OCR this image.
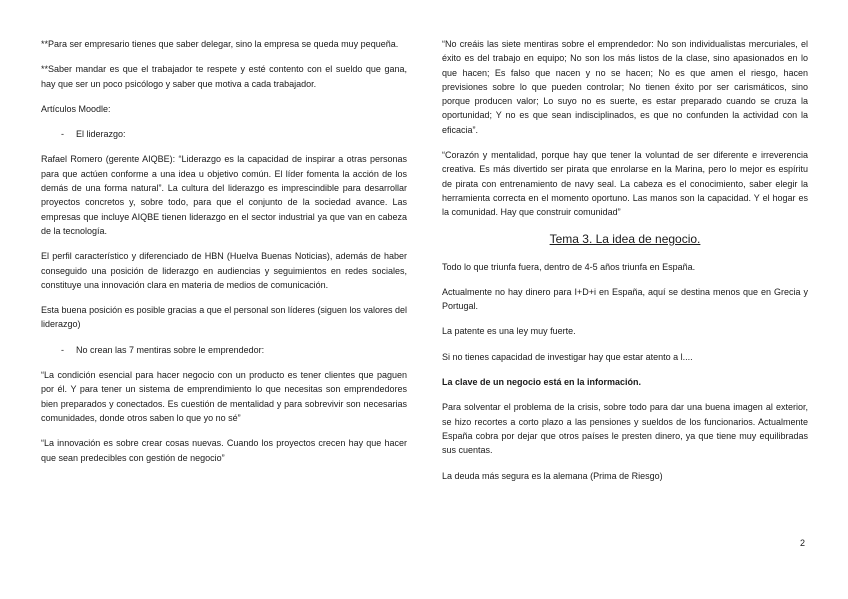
**Para ser empresario tienes que saber delegar, sino la empresa se queda muy pequeña.

**Saber mandar es que el trabajador te respete y esté contento con el sueldo que gana, hay que ser un poco psicólogo y saber que motiva a cada trabajador.

Artículos Moodle:

-	El liderazgo:

Rafael Romero (gerente AIQBE): “Liderazgo es la capacidad de inspirar a otras personas para que actúen conforme a una idea u objetivo común. El líder fomenta la acción de los demás de una forma natural”. La cultura del liderazgo es imprescindible para desarrollar proyectos concretos y, sobre todo, para que el conjunto de la sociedad avance. Las empresas que incluye AIQBE tienen liderazgo en el sector industrial ya que van en cabeza de la tecnología.

El perfil característico y diferenciado de HBN (Huelva Buenas Noticias), además de haber conseguido una posición de liderazgo en audiencias y seguimientos en redes sociales, constituye una innovación clara en materia de medios de comunicación.

Esta buena posición es posible gracias a que el personal son líderes (siguen los valores del liderazgo)

-	No crean las 7 mentiras sobre le emprendedor:

“La condición esencial para hacer negocio con un producto es tener clientes que paguen por él. Y para tener un sistema de emprendimiento lo que necesitas son emprendedores bien preparados y conectados. Es cuestión de mentalidad y para sobrevivir son necesarias comunidades, donde otros saben lo que yo no sé”

“La innovación es sobre crear cosas nuevas. Cuando los proyectos crecen hay que hacer que sean predecibles con gestión de negocio”

“No creáis las siete mentiras sobre el emprendedor: No son individualistas mercuriales, el éxito es del trabajo en equipo; No son los más listos de la clase, sino apasionados en lo que hacen; Es falso que nacen y no se hacen; No es que amen el riesgo, hacen previsiones sobre lo que pueden controlar; No tienen éxito por ser carismáticos, sino porque producen valor; Lo suyo no es suerte, es estar preparado cuando se cruza la oportunidad; Y no es que sean indisciplinados, es que no confunden la actividad con la eficacia”.

“Corazón y mentalidad, porque hay que tener la voluntad de ser diferente e irreverencia creativa. Es más divertido ser pirata que enrolarse en la Marina, pero lo mejor es espíritu de pirata con entrenamiento de navy seal. La cabeza es el conocimiento, saber elegir la herramienta correcta en el momento oportuno. Las manos son la capacidad. Y el hogar es la comunidad. Hay que construir comunidad”

Tema 3. La idea de negocio.

Todo lo que triunfa fuera, dentro de 4-5 años triunfa en España.

Actualmente no hay dinero para I+D+i en España, aquí se destina menos que en Grecia y Portugal.

La patente es una ley muy fuerte.

Si no tienes capacidad de investigar hay que estar atento a l....

La clave de un negocio está en la información.

Para solventar el problema de la crisis, sobre todo para dar una buena imagen al exterior, se hizo recortes a corto plazo a las pensiones y sueldos de los funcionarios. Actualmente España cobra por dejar que otros países le presten dinero, ya que tiene muy equilibradas sus cuentas.

La deuda más segura es la alemana (Prima de Riesgo)

2
